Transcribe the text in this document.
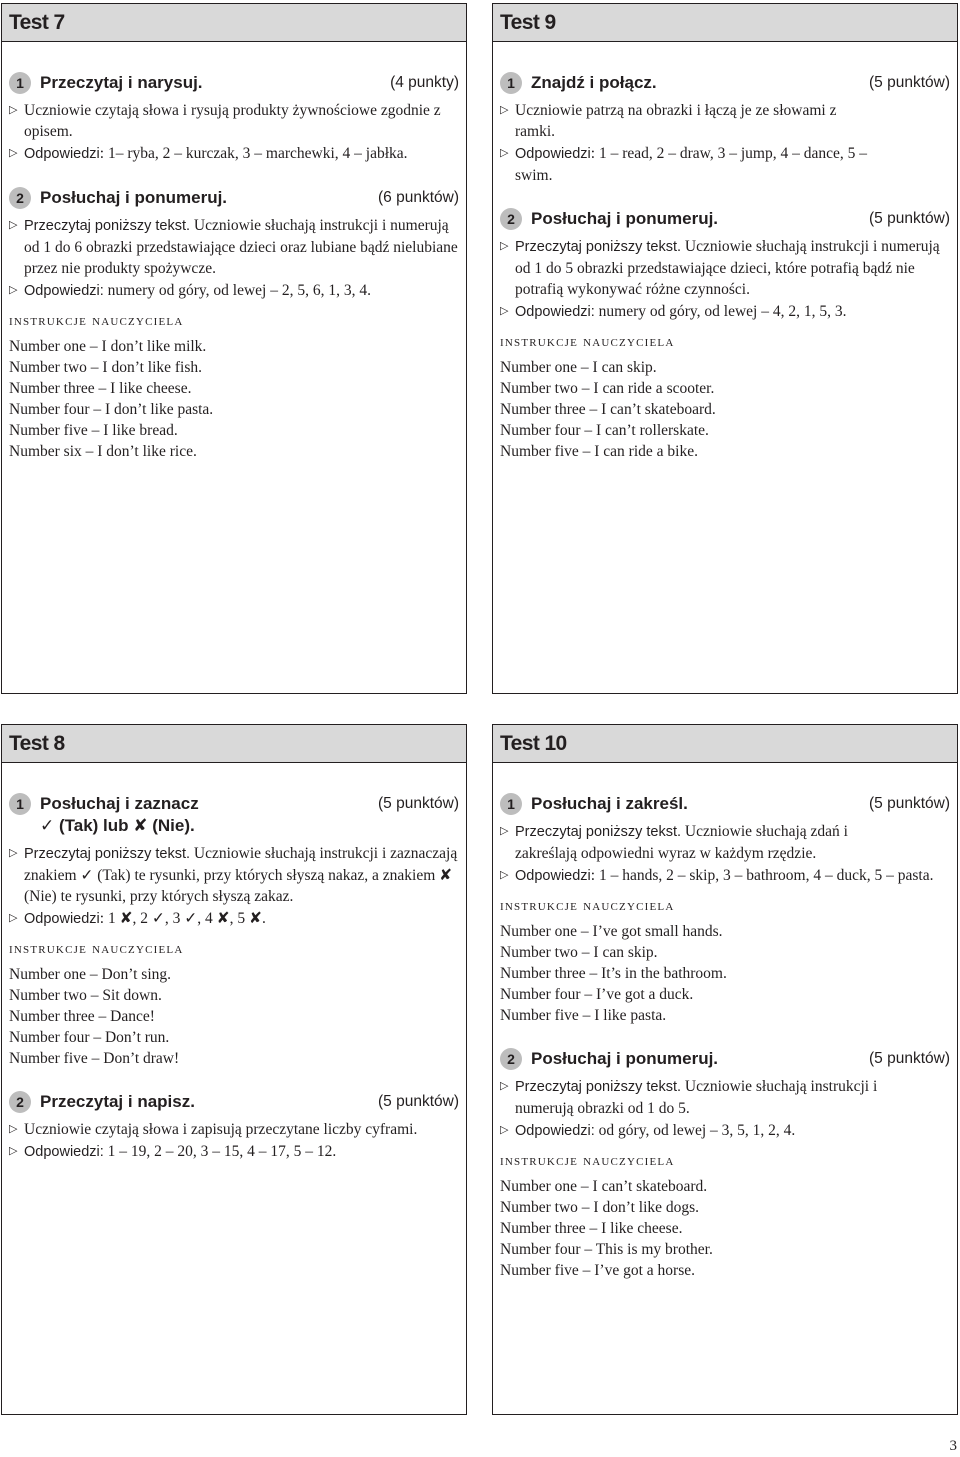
Test 7
1 Przeczytaj i narysuj.	(4 punkty)
▷ Uczniowie czytają słowa i rysują produkty żywnościowe zgodnie z opisem.
▷ Odpowiedzi: 1– ryba, 2 – kurczak, 3 – marchewki, 4 – jabłka.
2 Posłuchaj i ponumeruj.	(6 punktów)
▷ Przeczytaj poniższy tekst. Uczniowie słuchają instrukcji i numerują od 1 do 6 obrazki przedstawiające dzieci oraz lubiane bądź nielubiane przez nie produkty spożywcze.
▷ Odpowiedzi: numery od góry, od lewej – 2, 5, 6, 1, 3, 4.
instrukcje nauczyciela
Number one – I don’t like milk.
Number two – I don’t like fish.
Number three – I like cheese.
Number four – I don’t like pasta.
Number five – I like bread.
Number six – I don’t like rice.
Test 9
1 Znajdź i połącz.	(5 punktów)
▷ Uczniowie patrzą na obrazki i łączą je ze słowami z ramki.
▷ Odpowiedzi: 1 – read, 2 – draw, 3 – jump, 4 – dance, 5 – swim.
2 Posłuchaj i ponumeruj.	(5 punktów)
▷ Przeczytaj poniższy tekst. Uczniowie słuchają instrukcji i numerują od 1 do 5 obrazki przedstawiające dzieci, które potrafią bądź nie potrafią wykonywać różne czynności.
▷ Odpowiedzi: numery od góry, od lewej – 4, 2, 1, 5, 3.
instrukcje nauczyciela
Number one – I can skip.
Number two – I can ride a scooter.
Number three – I can’t skateboard.
Number four – I can’t rollerskate.
Number five – I can ride a bike.
Test 8
1 Posłuchaj i zaznacz
✓ (Tak) lub ✘ (Nie).
(5 punktów)
▷ Przeczytaj poniższy tekst. Uczniowie słuchają instrukcji i zaznaczają znakiem ✓ (Tak) te rysunki, przy których słyszą nakaz, a znakiem ✘ (Nie) te rysunki, przy których słyszą zakaz.
▷ Odpowiedzi: 1 ✘, 2 ✓, 3 ✓, 4 ✘, 5 ✘.
instrukcje nauczyciela
Number one – Don’t sing.
Number two – Sit down.
Number three – Dance!
Number four – Don’t run.
Number five – Don’t draw!
2 Przeczytaj i napisz.	(5 punktów)
▷ Uczniowie czytają słowa i zapisują przeczytane liczby cyframi.
▷ Odpowiedzi: 1 – 19, 2 – 20, 3 – 15, 4 – 17, 5 – 12.
Test 10
1 Posłuchaj i zakreśl.	(5 punktów)
▷ Przeczytaj poniższy tekst. Uczniowie słuchają zdań i zakreślają odpowiedni wyraz w każdym rzędzie.
▷ Odpowiedzi: 1 – hands, 2 – skip, 3 – bathroom, 4 – duck, 5 – pasta.
instrukcje nauczyciela
Number one – I’ve got small hands.
Number two – I can skip.
Number three – It’s in the bathroom.
Number four – I’ve got a duck.
Number five – I like pasta.
2 Posłuchaj i ponumeruj.	(5 punktów)
▷ Przeczytaj poniższy tekst. Uczniowie słuchają instrukcji i numerują obrazki od 1 do 5.
▷ Odpowiedzi: od góry, od lewej – 3, 5, 1, 2, 4.
instrukcje nauczyciela
Number one – I can’t skateboard.
Number two – I don’t like dogs.
Number three – I like cheese.
Number four – This is my brother.
Number five – I’ve got a horse.
3
